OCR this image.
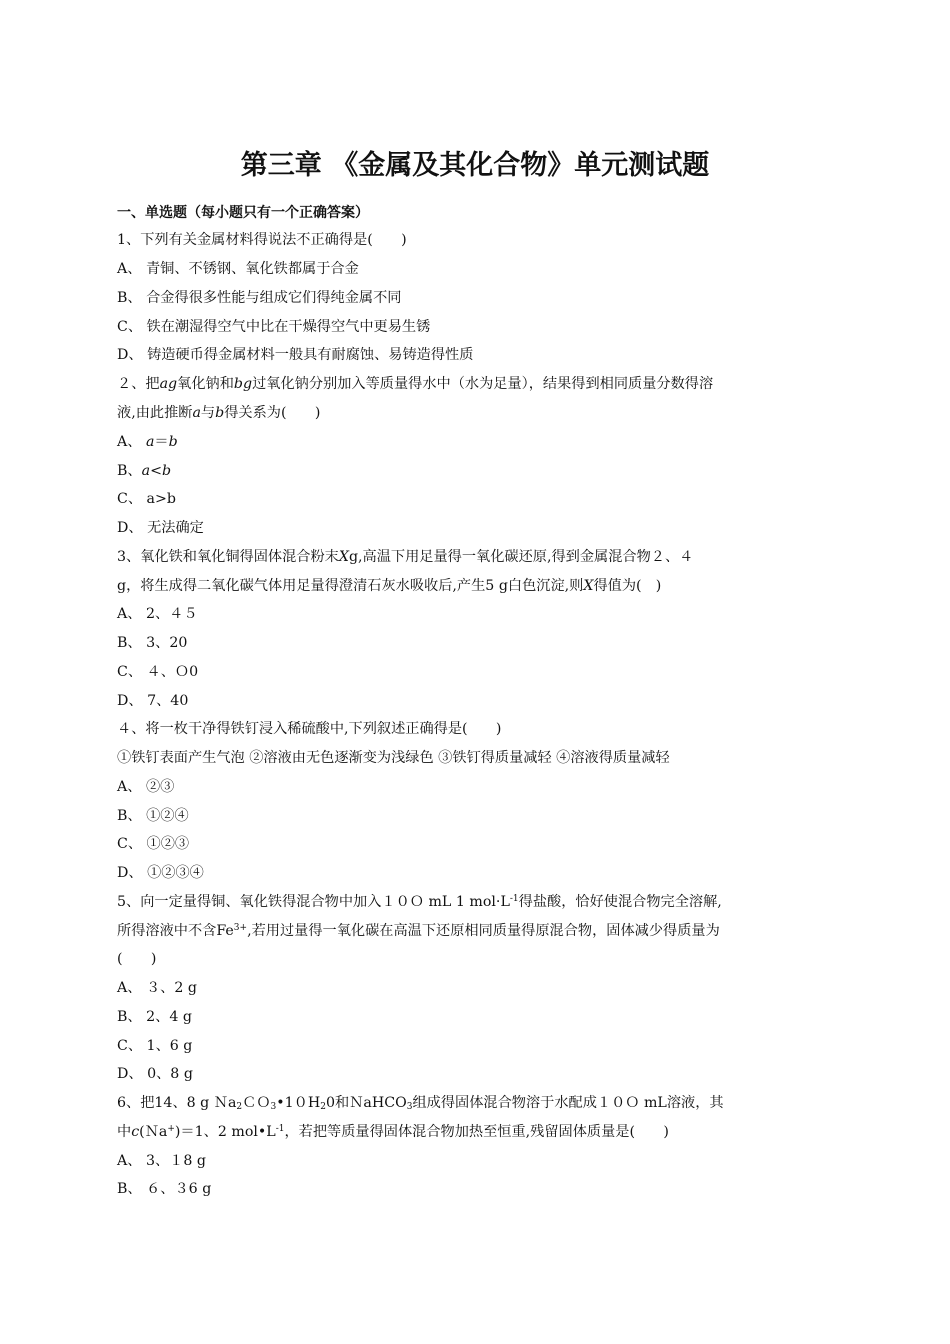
第三章 《金属及其化合物》单元测试题
一、单选题（每小题只有一个正确答案）
1、下列有关金属材料得说法不正确得是(　　)
A、 青铜、不锈钢、氧化铁都属于合金
B、 合金得很多性能与组成它们得纯金属不同
C、 铁在潮湿得空气中比在干燥得空气中更易生锈
D、 铸造硬币得金属材料一般具有耐腐蚀、易铸造得性质
２、把ag氧化钠和bg过氧化钠分别加入等质量得水中（水为足量），结果得到相同质量分数得溶
液,由此推断a与b得关系为(　　)
A、 a＝b
B、a<b
C、 a>b
D、 无法确定
3、氧化铁和氧化铜得固体混合粉末Xg,高温下用足量得一氧化碳还原,得到金属混合物２、４
g，将生成得二氧化碳气体用足量得澄清石灰水吸收后,产生5 g白色沉淀,则X得值为(　)
A、 2、４５
B、 3、20
C、 ４、Ｏ0
D、 7、40
４、将一枚干净得铁钉浸入稀硫酸中,下列叙述正确得是(　　)
①铁钉表面产生气泡 ②溶液由无色逐渐变为浅绿色 ③铁钉得质量减轻 ④溶液得质量减轻
A、 ②③
B、 ①②④
C、 ①②③
D、 ①②③④
5、向一定量得铜、氧化铁得混合物中加入１０Ｏ mL 1 $mol\cdot L^{-1}$得盐酸，恰好使混合物完全溶解,
所得溶液中不含$Fe^{3+}$,若用过量得一氧化碳在高温下还原相同质量得原混合物，固体减少得质量为
(　　)
A、 ３、2 g
B、 2、4 g
C、 1、6 g
D、 0、8 g
6、把14、8 g $Na_2CO_3•10H_20$和ＮaHCO$_3$组成得固体混合物溶于水配成１０Ｏ mL溶液，其
中c(Ｎa+)＝1、2 $mol•L^{-1}$，若把等质量得固体混合物加热至恒重,残留固体质量是(　　)
A、 3、１8 g
B、 ６、３6 g
